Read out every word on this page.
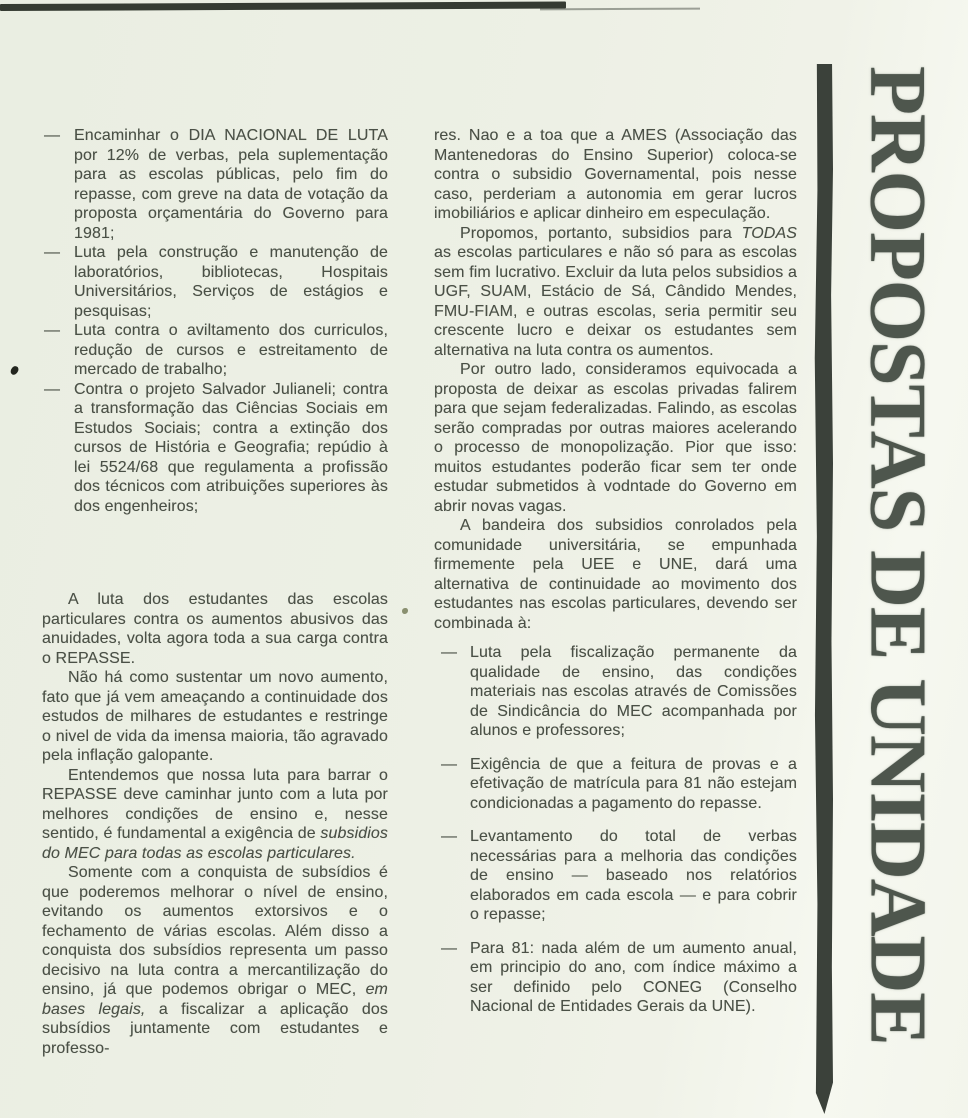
— Encaminhar o DIA NACIONAL DE LUTA por 12% de verbas, pela suplementação para as escolas públicas, pelo fim do repasse, com greve na data de votação da proposta orçamentária do Governo para 1981;
— Luta pela construção e manutenção de laboratórios, bibliotecas, Hospitais Universitários, Serviços de estágios e pesquisas;
— Luta contra o aviltamento dos curriculos, redução de cursos e estreitamento de mercado de trabalho;
— Contra o projeto Salvador Julianeli; contra a transformação das Ciências Sociais em Estudos Sociais; contra a extinção dos cursos de História e Geografia; repúdio à lei 5524/68 que regulamenta a profissão dos técnicos com atribuições superiores às dos engenheiros;

A luta dos estudantes das escolas particulares contra os aumentos abusivos das anuidades, volta agora toda a sua carga contra o REPASSE.

Não há como sustentar um novo aumento, fato que já vem ameaçando a continuidade dos estudos de milhares de estudantes e restringe o nivel de vida da imensa maioria, tão agravado pela inflação galopante.

Entendemos que nossa luta para barrar o REPASSE deve caminhar junto com a luta por melhores condições de ensino e, nesse sentido, é fundamental a exigência de subsidios do MEC para todas as escolas particulares.

Somente com a conquista de subsídios é que poderemos melhorar o nível de ensino, evitando os aumentos extorsivos e o fechamento de várias escolas. Além disso a conquista dos subsídios representa um passo decisivo na luta contra a mercantilização do ensino, já que podemos obrigar o MEC, em bases legais, a fiscalizar a aplicação dos subsídios juntamente com estudantes e professo-

res. Nao e a toa que a AMES (Associação das Mantenedoras do Ensino Superior) coloca-se contra o subsidio Governamental, pois nesse caso, perderiam a autonomia em gerar lucros imobiliários e aplicar dinheiro em especulação.

Propomos, portanto, subsidios para TODAS as escolas particulares e não só para as escolas sem fim lucrativo. Excluir da luta pelos subsidios a UGF, SUAM, Estácio de Sá, Cândido Mendes, FMU-FIAM, e outras escolas, seria permitir seu crescente lucro e deixar os estudantes sem alternativa na luta contra os aumentos.

Por outro lado, consideramos equivocada a proposta de deixar as escolas privadas falirem para que sejam federalizadas. Falindo, as escolas serão compradas por outras maiores acelerando o processo de monopolização. Pior que isso: muitos estudantes poderão ficar sem ter onde estudar submetidos à vodntade do Governo em abrir novas vagas.

A bandeira dos subsidios conrolados pela comunidade universitária, se empunhada firmemente pela UEE e UNE, dará uma alternativa de continuidade ao movimento dos estudantes nas escolas particulares, devendo ser combinada à:

— Luta pela fiscalização permanente da qualidade de ensino, das condições materiais nas escolas através de Comissões de Sindicância do MEC acompanhada por alunos e professores;
— Exigência de que a feitura de provas e a efetivação de matrícula para 81 não estejam condicionadas a pagamento do repasse.
— Levantamento do total de verbas necessárias para a melhoria das condições de ensino — baseado nos relatórios elaborados em cada escola — e para cobrir o repasse;
— Para 81: nada além de um aumento anual, em principio do ano, com índice máximo a ser definido pelo CONEG (Conselho Nacional de Entidades Gerais da UNE).	PROPOSTAS DE UNIDADE
